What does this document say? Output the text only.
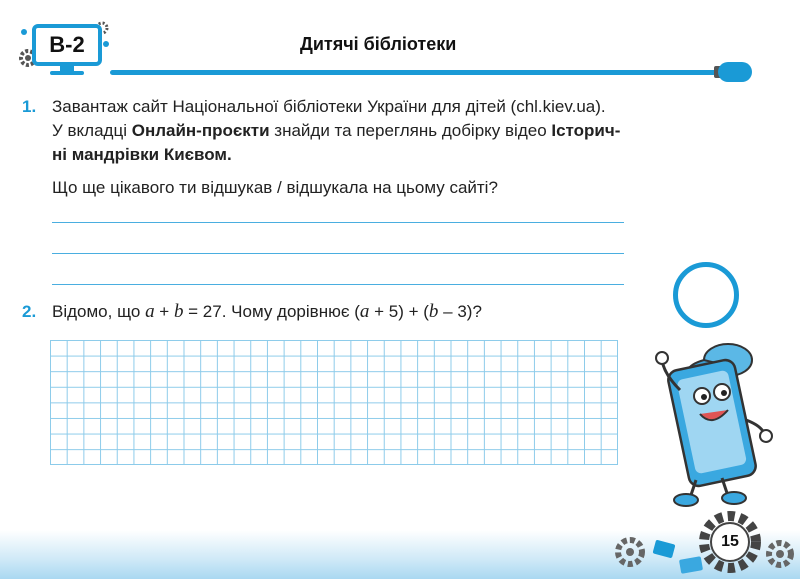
В-2	Дитячі бібліотеки
1. Завантаж сайт Національної бібліотеки України для дітей (chl.kiev.ua).
У вкладці Онлайн-проєкти знайди та переглянь добірку відео Історич-
ні мандрівки Києвом.
Що ще цікавого ти відшукав / відшукала на цьому сайті?
2. Відомо, що a + b = 27. Чому дорівнює (a + 5) + (b – 3)?
15
